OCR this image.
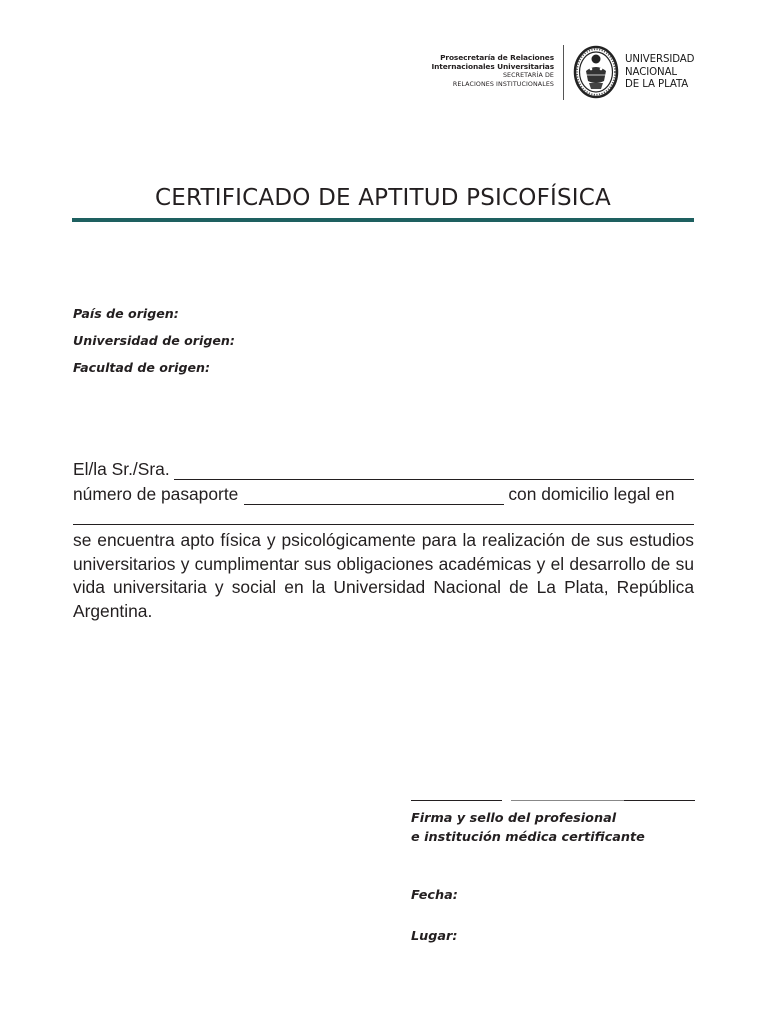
Prosecretaría de Relaciones
Internacionales Universitarias
SECRETARÍA DE
RELACIONES INSTITUCIONALES
UNIVERSIDAD
NACIONAL
DE LA PLATA
CERTIFICADO DE APTITUD PSICOFÍSICA
País de origen:
Universidad de origen:
Facultad de origen:
El/la Sr./Sra.
número de pasaporte	con domicilio legal en
se encuentra apto física y psicológicamente para la realización de sus estudios universitarios y cumplimentar sus obligaciones académicas y el desarrollo de su vida universitaria y social en la Universidad Nacional de La Plata, República Argentina.
Firma y sello del profesional
e institución médica certificante
Fecha:
Lugar:
